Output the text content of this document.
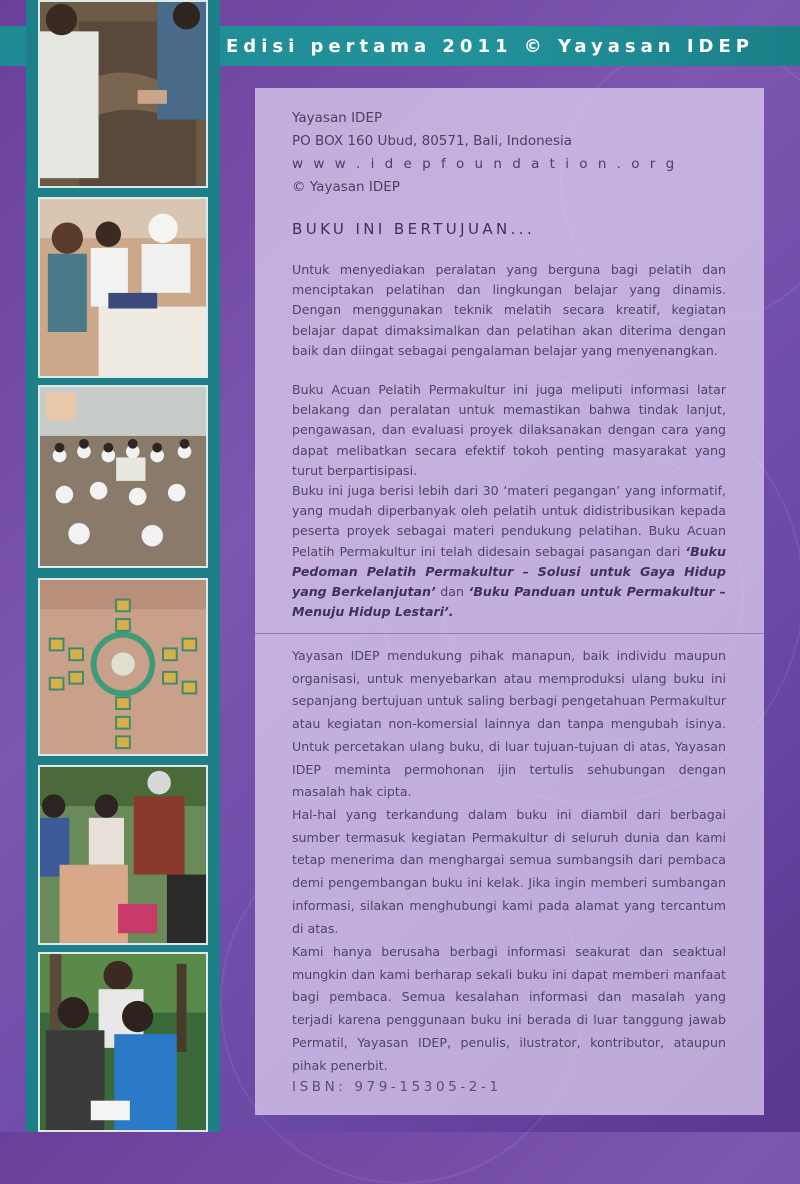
Edisi pertama 2011 © Yayasan IDEP
Yayasan IDEP
PO BOX 160 Ubud, 80571, Bali, Indonesia
w w w . i d e p f o u n d a t i o n . o r g
© Yayasan IDEP
BUKU INI BERTUJUAN...
Untuk menyediakan peralatan yang berguna bagi pelatih dan menciptakan pelatihan dan lingkungan belajar yang dinamis. Dengan menggunakan teknik melatih secara kreatif, kegiatan belajar dapat dimaksimalkan dan pelatihan akan diterima dengan baik dan diingat sebagai pengalaman belajar yang menyenangkan.
Buku Acuan Pelatih Permakultur ini juga meliputi informasi latar belakang dan peralatan untuk memastikan bahwa tindak lanjut, pengawasan, dan evaluasi proyek dilaksanakan dengan cara yang dapat melibatkan secara efektif tokoh penting masyarakat yang turut berpartisipasi.
Buku ini juga berisi lebih dari 30 ‘materi pegangan’ yang informatif, yang mudah diperbanyak oleh pelatih untuk didistribusikan kepada peserta proyek sebagai materi pendukung pelatihan. Buku Acuan Pelatih Permakultur ini telah didesain sebagai pasangan dari ‘Buku Pedoman Pelatih Permakultur – Solusi untuk Gaya Hidup yang Berkelanjutan’ dan ‘Buku Panduan untuk Permakultur – Menuju Hidup Lestari’.
Yayasan IDEP mendukung pihak manapun, baik individu maupun organisasi, untuk menyebarkan atau memproduksi ulang buku ini sepanjang bertujuan untuk saling berbagi pengetahuan Permakultur atau kegiatan non-komersial lainnya dan tanpa mengubah isinya. Untuk percetakan ulang buku, di luar tujuan-tujuan di atas, Yayasan IDEP meminta permohonan ijin tertulis sehubungan dengan masalah hak cipta.
Hal-hal yang terkandung dalam buku ini diambil dari berbagai sumber termasuk kegiatan Permakultur di seluruh dunia dan kami tetap menerima dan menghargai semua sumbangsih dari pembaca demi pengembangan buku ini kelak. Jika ingin memberi sumbangan informasi, silakan menghubungi kami pada alamat yang tercantum di atas.
Kami hanya berusaha berbagi informasi seakurat dan seaktual mungkin dan kami berharap sekali buku ini dapat memberi manfaat bagi pembaca. Semua kesalahan informasi dan masalah yang terjadi karena penggunaan buku ini berada di luar tanggung jawab Permatil, Yayasan IDEP, penulis, ilustrator, kontributor, ataupun pihak penerbit.
ISBN: 979-15305-2-1
